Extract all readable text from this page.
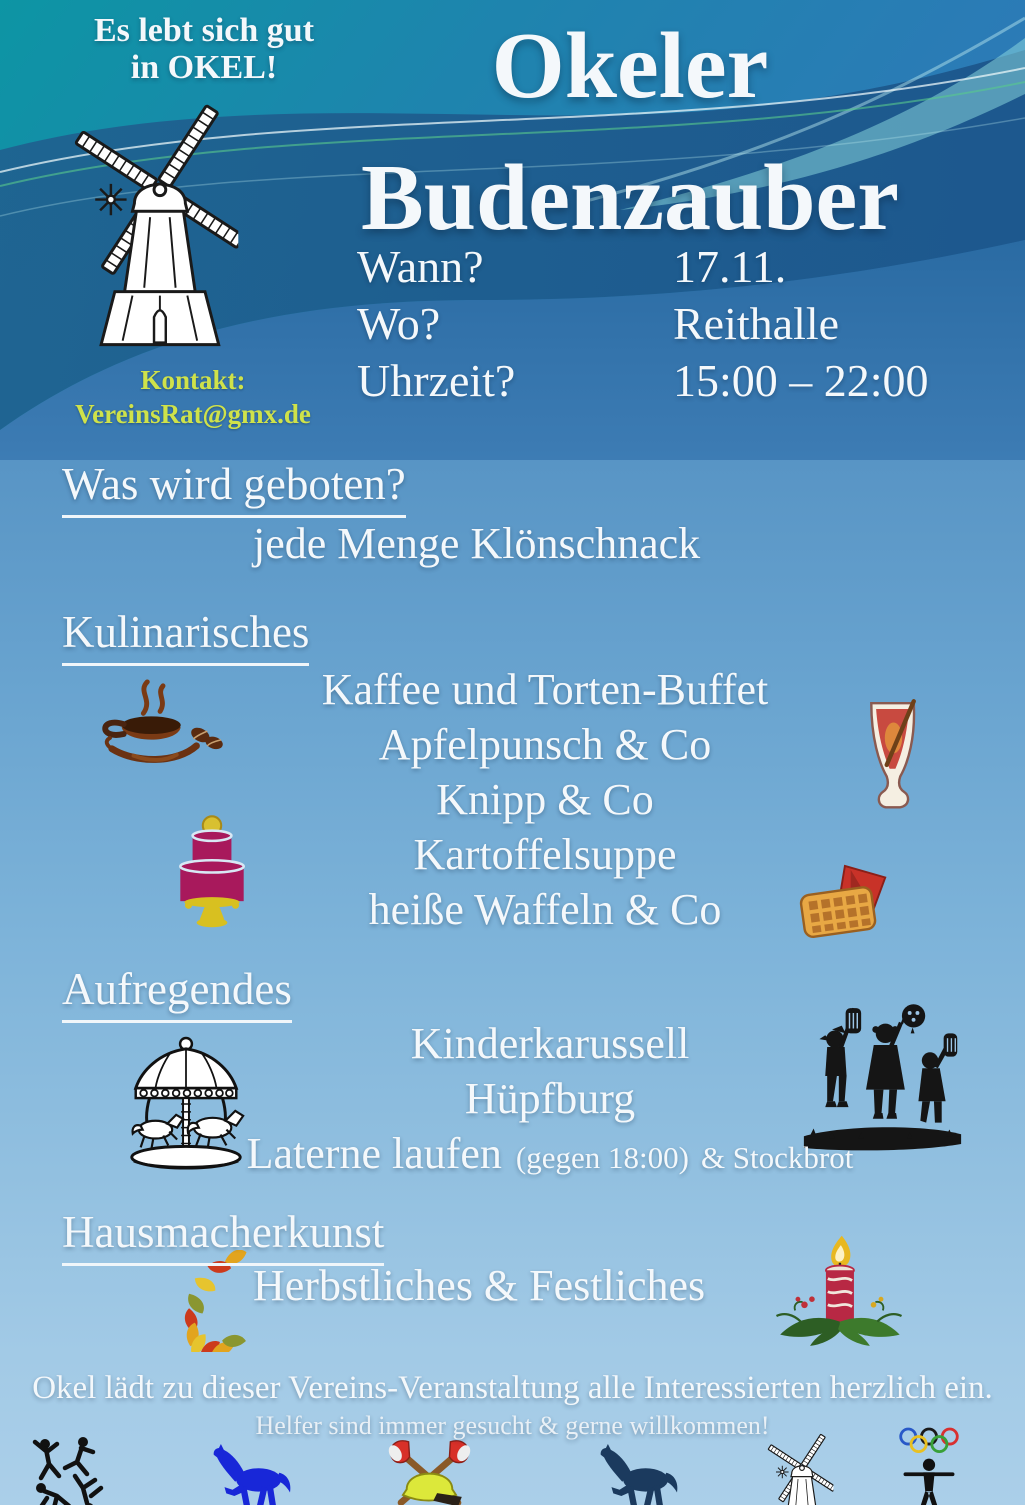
Es lebt sich gut
in OKEL!
Kontakt:
VereinsRat@gmx.de
Okeler
Budenzauber
Wann?	17.11.
Wo?	Reithalle
Uhrzeit?	15:00 – 22:00
Was wird geboten?
jede Menge Klönschnack
Kulinarisches
Kaffee und Torten-Buffet
Apfelpunsch & Co
Knipp & Co
Kartoffelsuppe
heiße Waffeln & Co
Aufregendes
Kinderkarussell
Hüpfburg
Laterne laufen (gegen 18:00) & Stockbrot
Hausmacherkunst
Herbstliches & Festliches
Okel lädt zu dieser Vereins-Veranstaltung alle Interessierten herzlich ein.
Helfer sind immer gesucht & gerne willkommen!
